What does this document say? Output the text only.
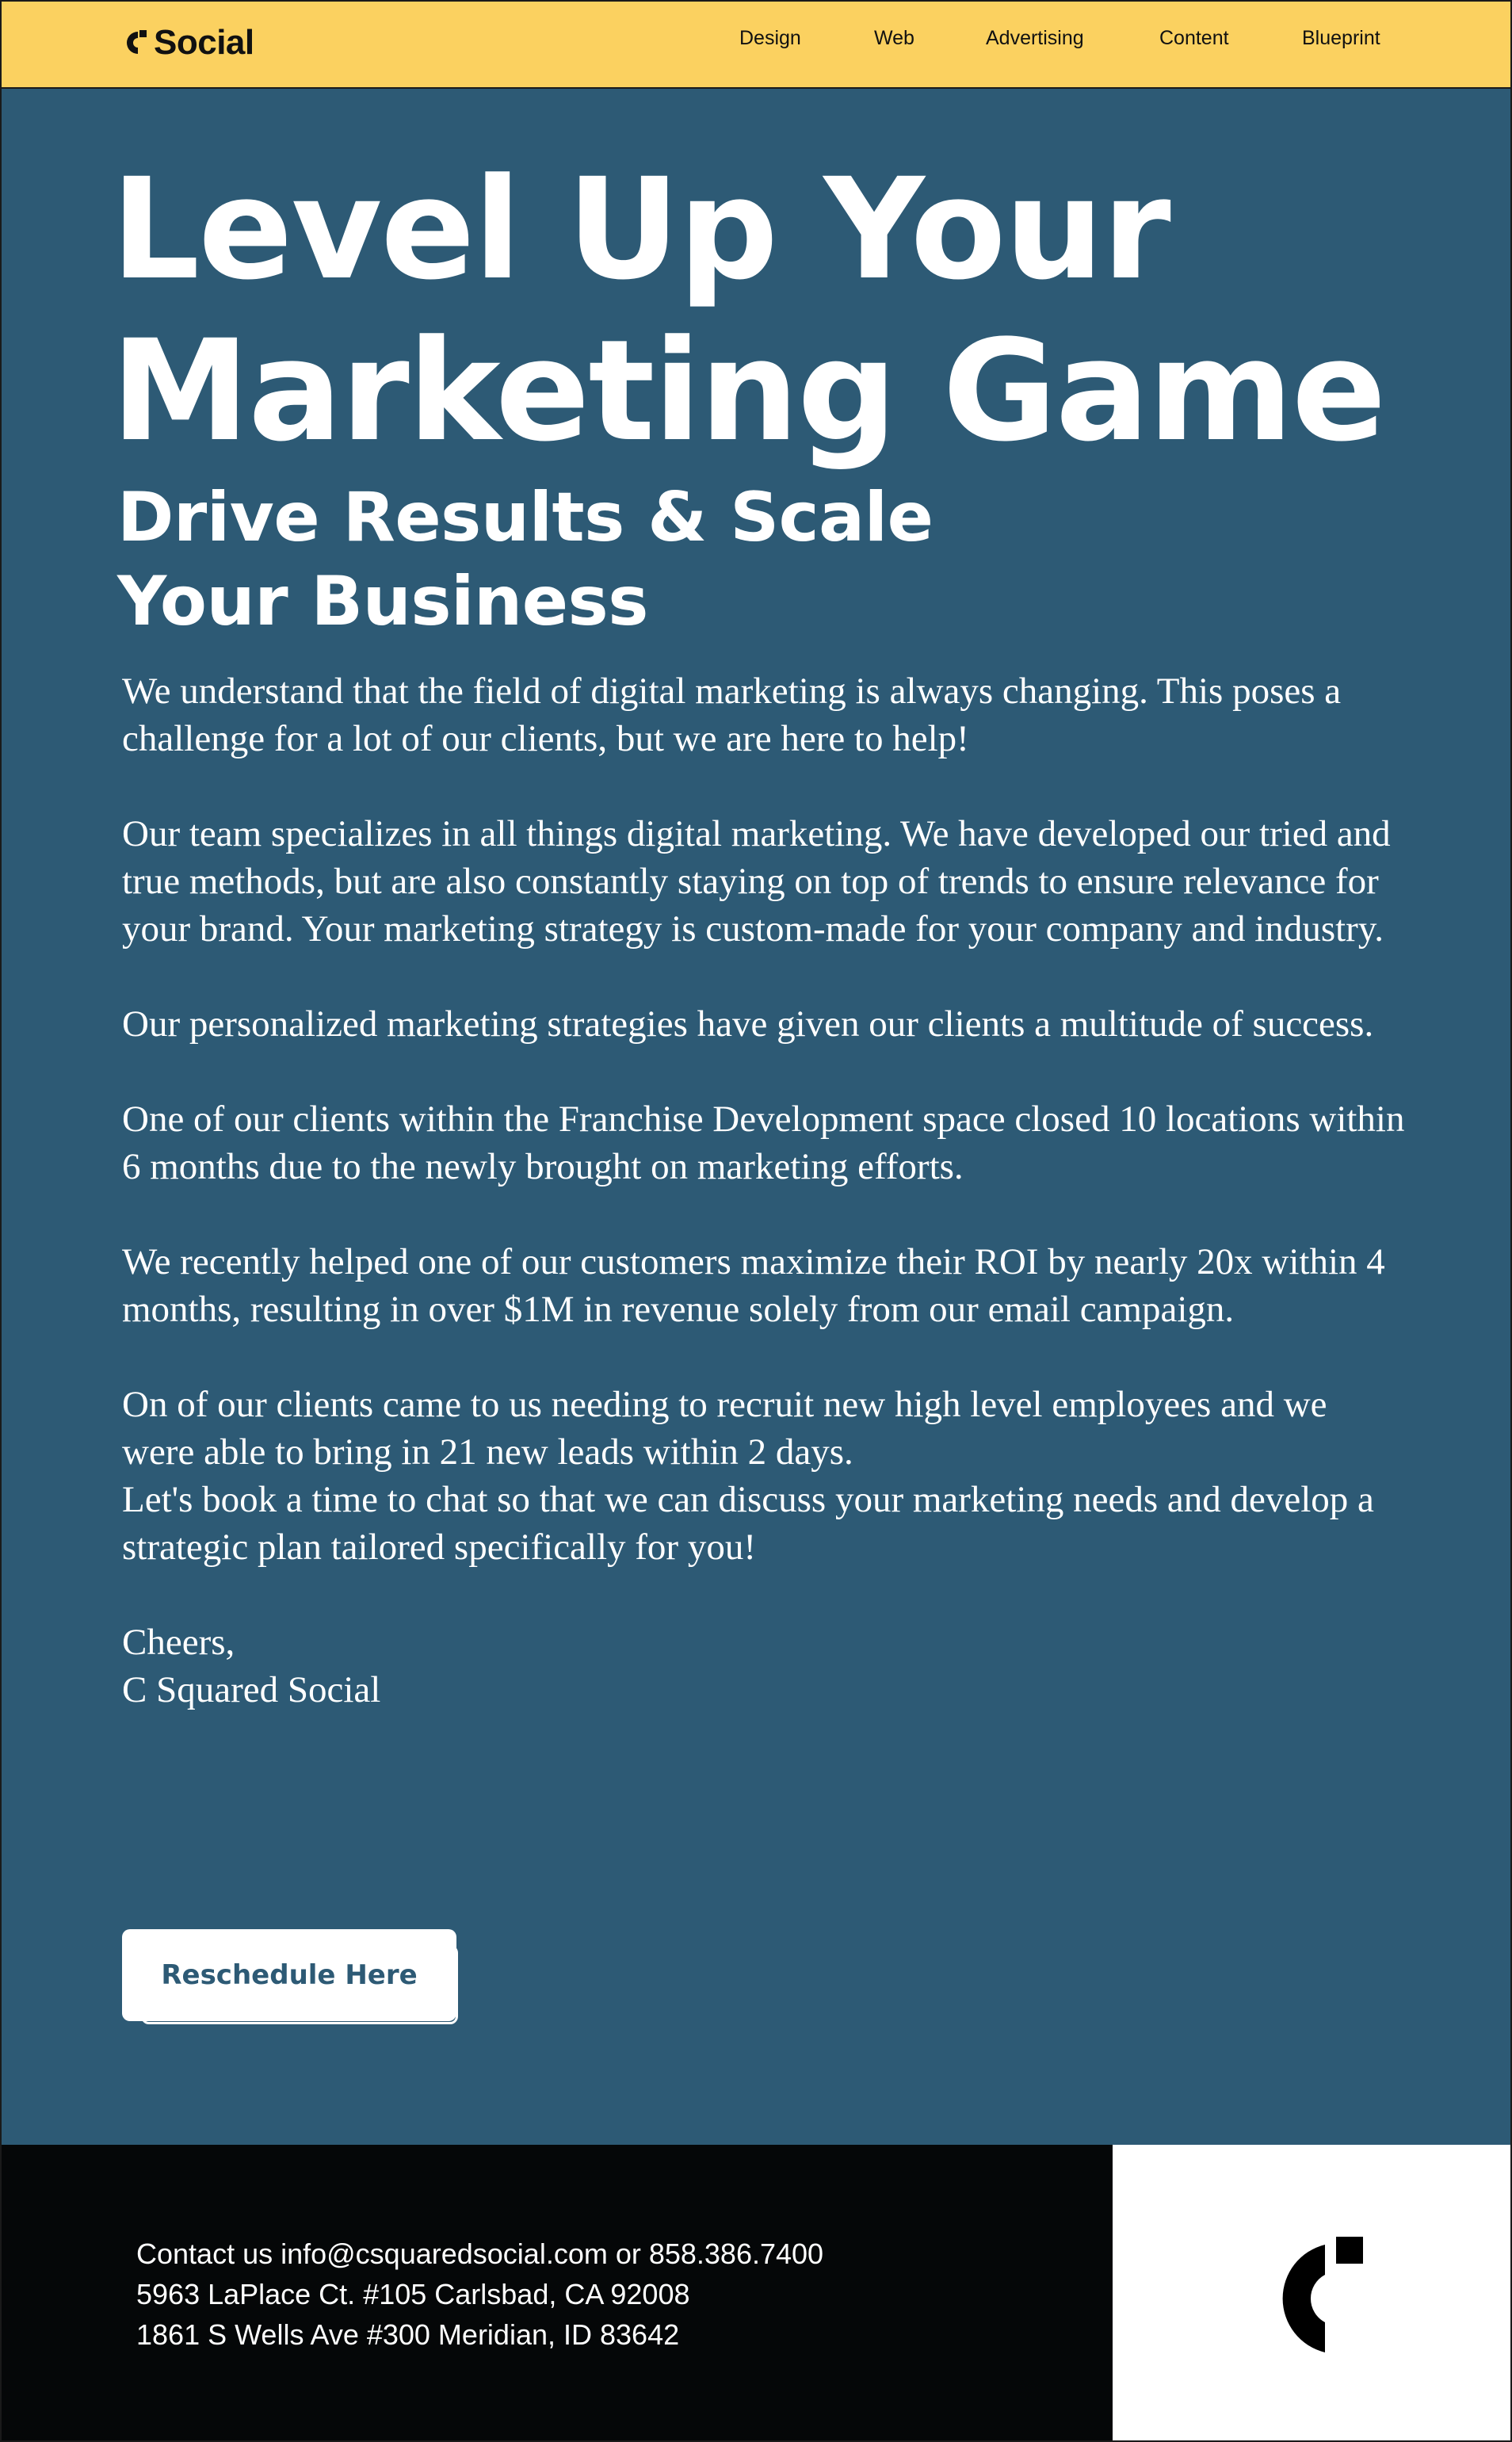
Social	Design	Web	Advertising	Content	Blueprint
Level Up Your
Marketing Game
Drive Results & Scale
Your Business

We understand that the field of digital marketing is always changing. This poses a challenge for a lot of our clients, but we are here to help!

Our team specializes in all things digital marketing. We have developed our tried and true methods, but are also constantly staying on top of trends to ensure relevance for your brand. Your marketing strategy is custom-made for your company and industry.

Our personalized marketing strategies have given our clients a multitude of success.

One of our clients within the Franchise Development space closed 10 locations within 6 months due to the newly brought on marketing efforts.

We recently helped one of our customers maximize their ROI by nearly 20x within 4 months, resulting in over $1M in revenue solely from our email campaign.

On of our clients came to us needing to recruit new high level employees and we were able to bring in 21 new leads within 2 days.

Let's book a time to chat so that we can discuss your marketing needs and develop a strategic plan tailored specifically for you!

Cheers,
C Squared Social

Reschedule Here
Contact us info@csquaredsocial.com or 858.386.7400
5963 LaPlace Ct. #105 Carlsbad, CA 92008
1861 S Wells Ave #300 Meridian, ID 83642
